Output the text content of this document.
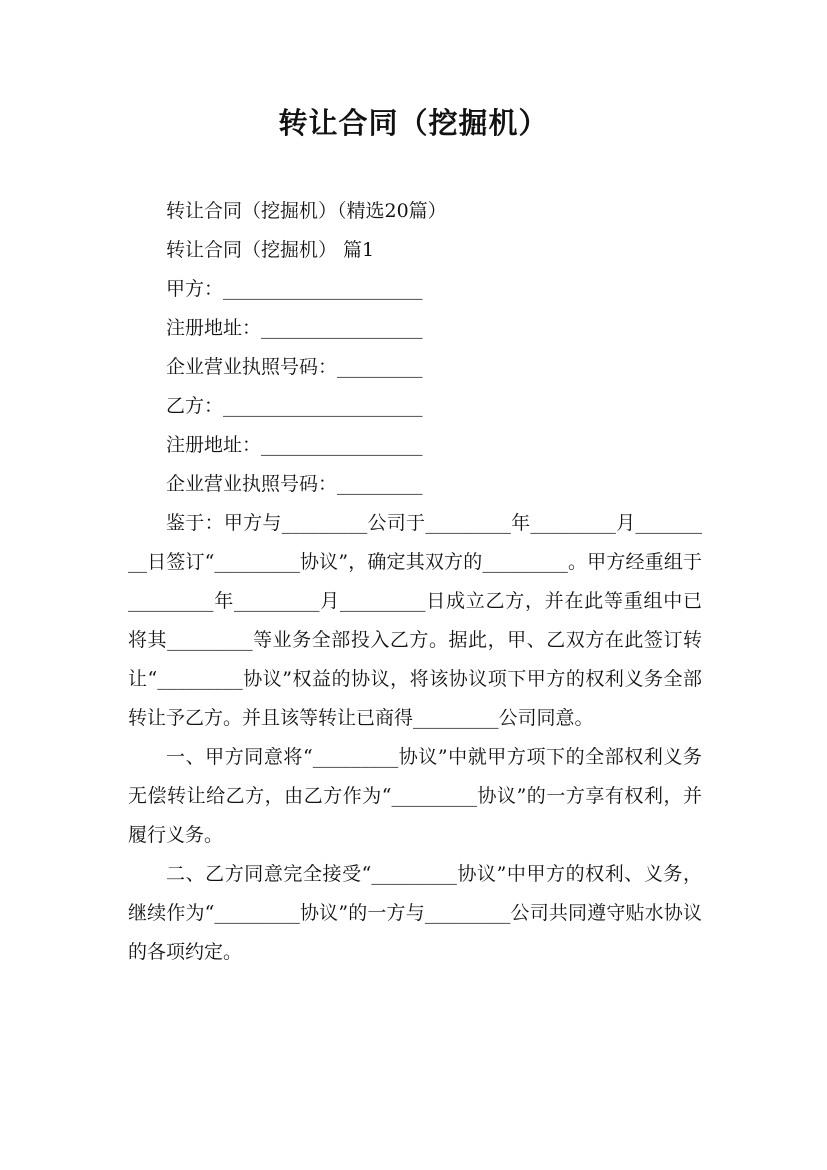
转让合同（挖掘机）

转让合同（挖掘机）（精选20篇）

转让合同（挖掘机） 篇1

甲方：_____________________

注册地址：_________________

企业营业执照号码：_________

乙方：_____________________

注册地址：_________________

企业营业执照号码：_________

鉴于：甲方与_________公司于_________年_________月_________日签订“_________协议”，确定其双方的_________。甲方经重组于_________年_________月_________日成立乙方，并在此等重组中已将其_________等业务全部投入乙方。据此，甲、乙双方在此签订转让“_________协议”权益的协议，将该协议项下甲方的权利义务全部转让予乙方。并且该等转让已商得_________公司同意。

一、甲方同意将“_________协议”中就甲方项下的全部权利义务无偿转让给乙方，由乙方作为“_________协议”的一方享有权利，并履行义务。

二、乙方同意完全接受“_________协议”中甲方的权利、义务，继续作为“_________协议”的一方与_________公司共同遵守贴水协议的各项约定。
